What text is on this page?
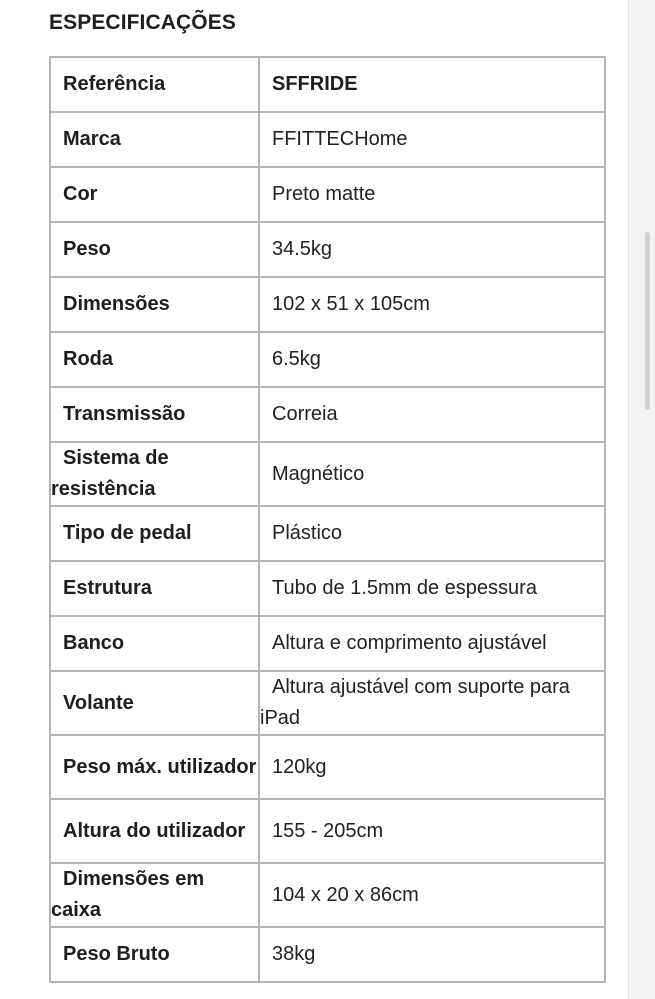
ESPECIFICAÇÕES
Referência	SFFRIDE

Marca	FFITTECHome

Cor	Preto matte

Peso	34.5kg

Dimensões	102 x 51 x 105cm

Roda	6.5kg

Transmissão	Correia

Sistema de resistência	Magnético

Tipo de pedal	Plástico

Estrutura	Tubo de 1.5mm de espessura

Banco	Altura e comprimento ajustável

Volante	Altura ajustável com suporte para iPad

Peso máx. utilizador	120kg

Altura do utilizador	155 - 205cm

Dimensões em caixa	104 x 20 x 86cm

Peso Bruto	38kg
